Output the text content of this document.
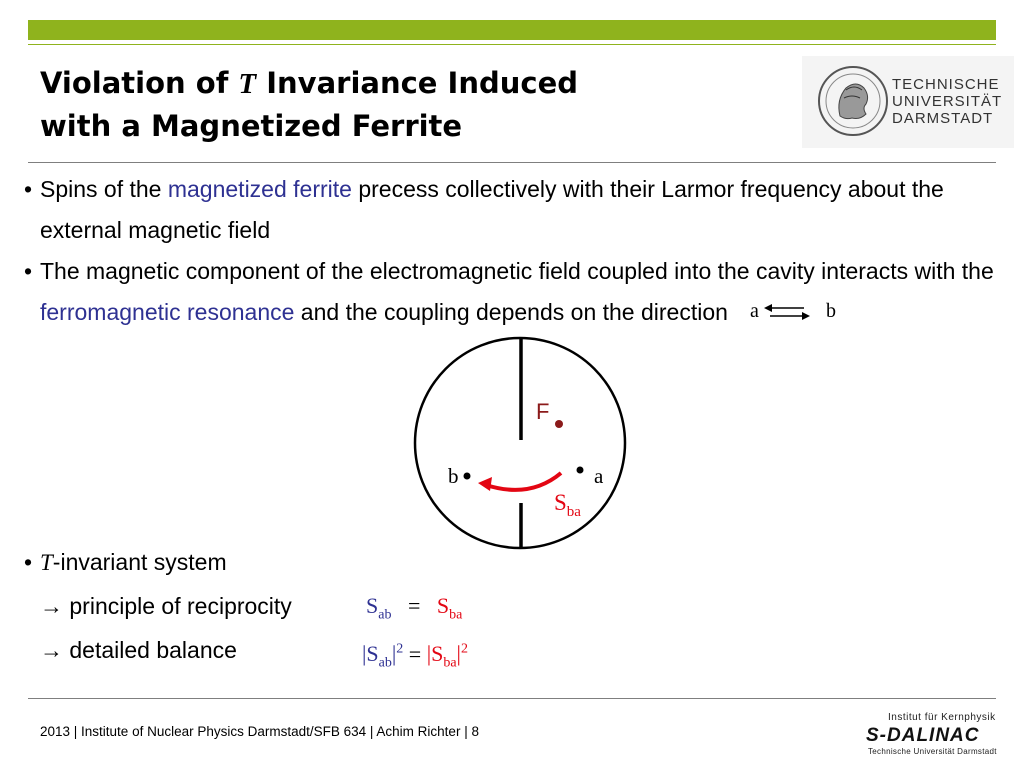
Violation of T Invariance Induced
with a Magnetized Ferrite
TECHNISCHE
UNIVERSITÄT
DARMSTADT
• Spins of the magnetized ferrite precess collectively with their Larmor frequency about the external magnetic field
• The magnetic component of the electromagnetic field coupled into the cavity interacts with the ferromagnetic resonance and the coupling depends on the direction a	b
F
b	a
$S_{ba}$
• T-invariant system
→ principle of reciprocity	$S_{ab} = S_{ba}$
→ detailed balance	$|S_{ab}|^2 = |S_{ba}|^2$
2013 | Institute of Nuclear Physics Darmstadt/SFB 634 | Achim Richter | 8
Institut für Kernphysik
S-DALINAC
Technische Universität Darmstadt
